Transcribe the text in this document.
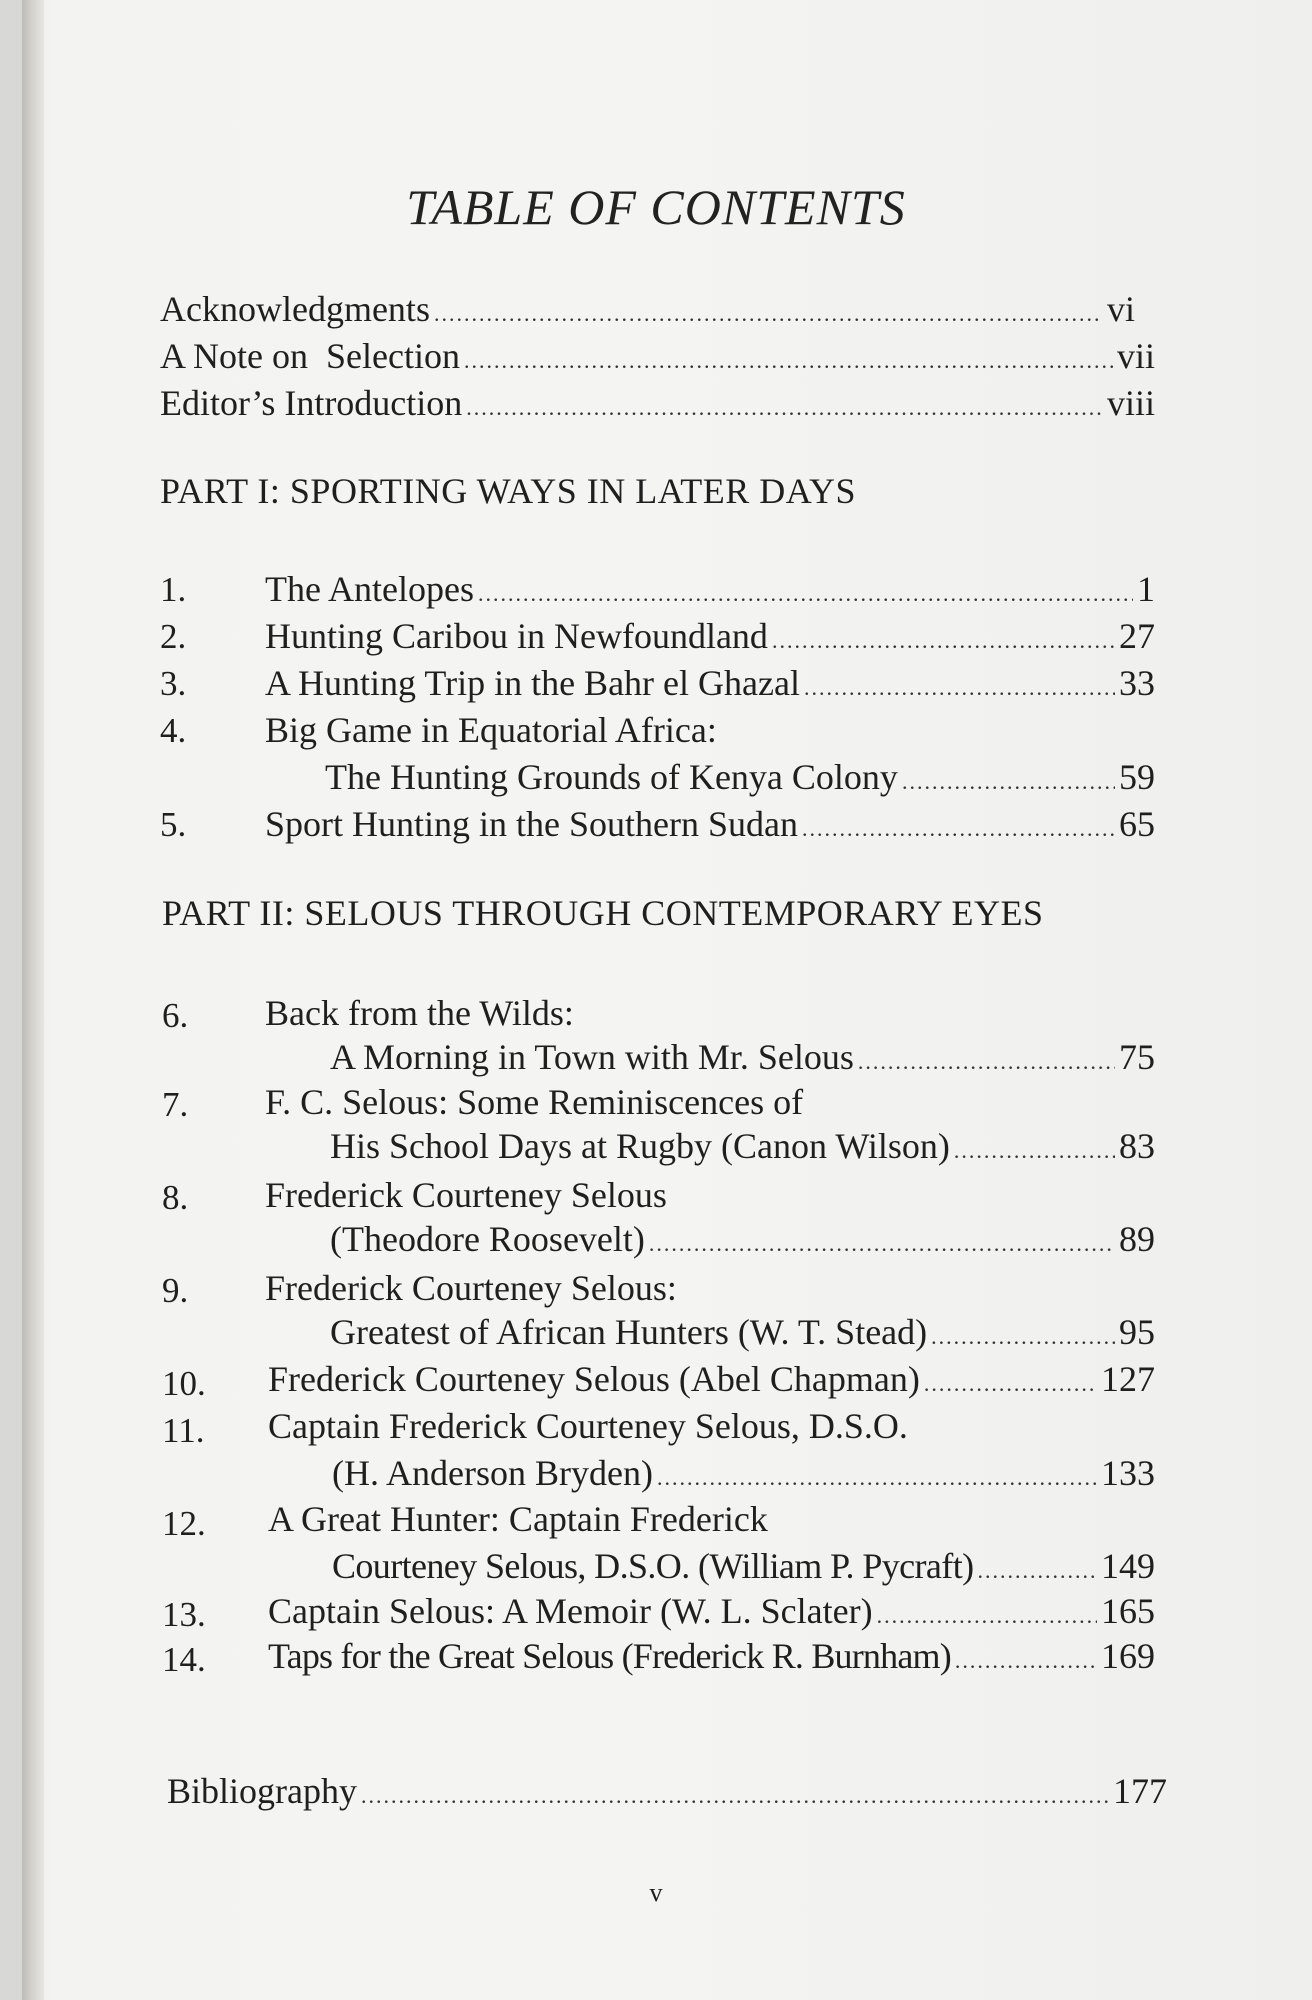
TABLE OF CONTENTS
Acknowledgments .....	vi
A Note on  Selection .....	vii
Editor’s Introduction .....	viii
PART I: SPORTING WAYS IN LATER DAYS
1. The Antelopes .....	1
2. Hunting Caribou in Newfoundland .....	27
3. A Hunting Trip in the Bahr el Ghazal .....	33
4. Big Game in Equatorial Africa:
The Hunting Grounds of Kenya Colony .....	59
5. Sport Hunting in the Southern Sudan .....	65
PART II: SELOUS THROUGH CONTEMPORARY EYES
6. Back from the Wilds:
A Morning in Town with Mr. Selous .....	75
7. F. C. Selous: Some Reminiscences of
His School Days at Rugby (Canon Wilson) .....	83
8. Frederick Courteney Selous
(Theodore Roosevelt) .....	89
9. Frederick Courteney Selous:
Greatest of African Hunters (W. T. Stead) .....	95
10. Frederick Courteney Selous (Abel Chapman) .....	127
11. Captain Frederick Courteney Selous, D.S.O.
(H. Anderson Bryden) .....	133
12. A Great Hunter: Captain Frederick
Courteney Selous, D.S.O. (William P. Pycraft) .....	149
13. Captain Selous: A Memoir (W. L. Sclater) .....	165
14. Taps for the Great Selous (Frederick R. Burnham) .....	169
Bibliography .....	177
v
